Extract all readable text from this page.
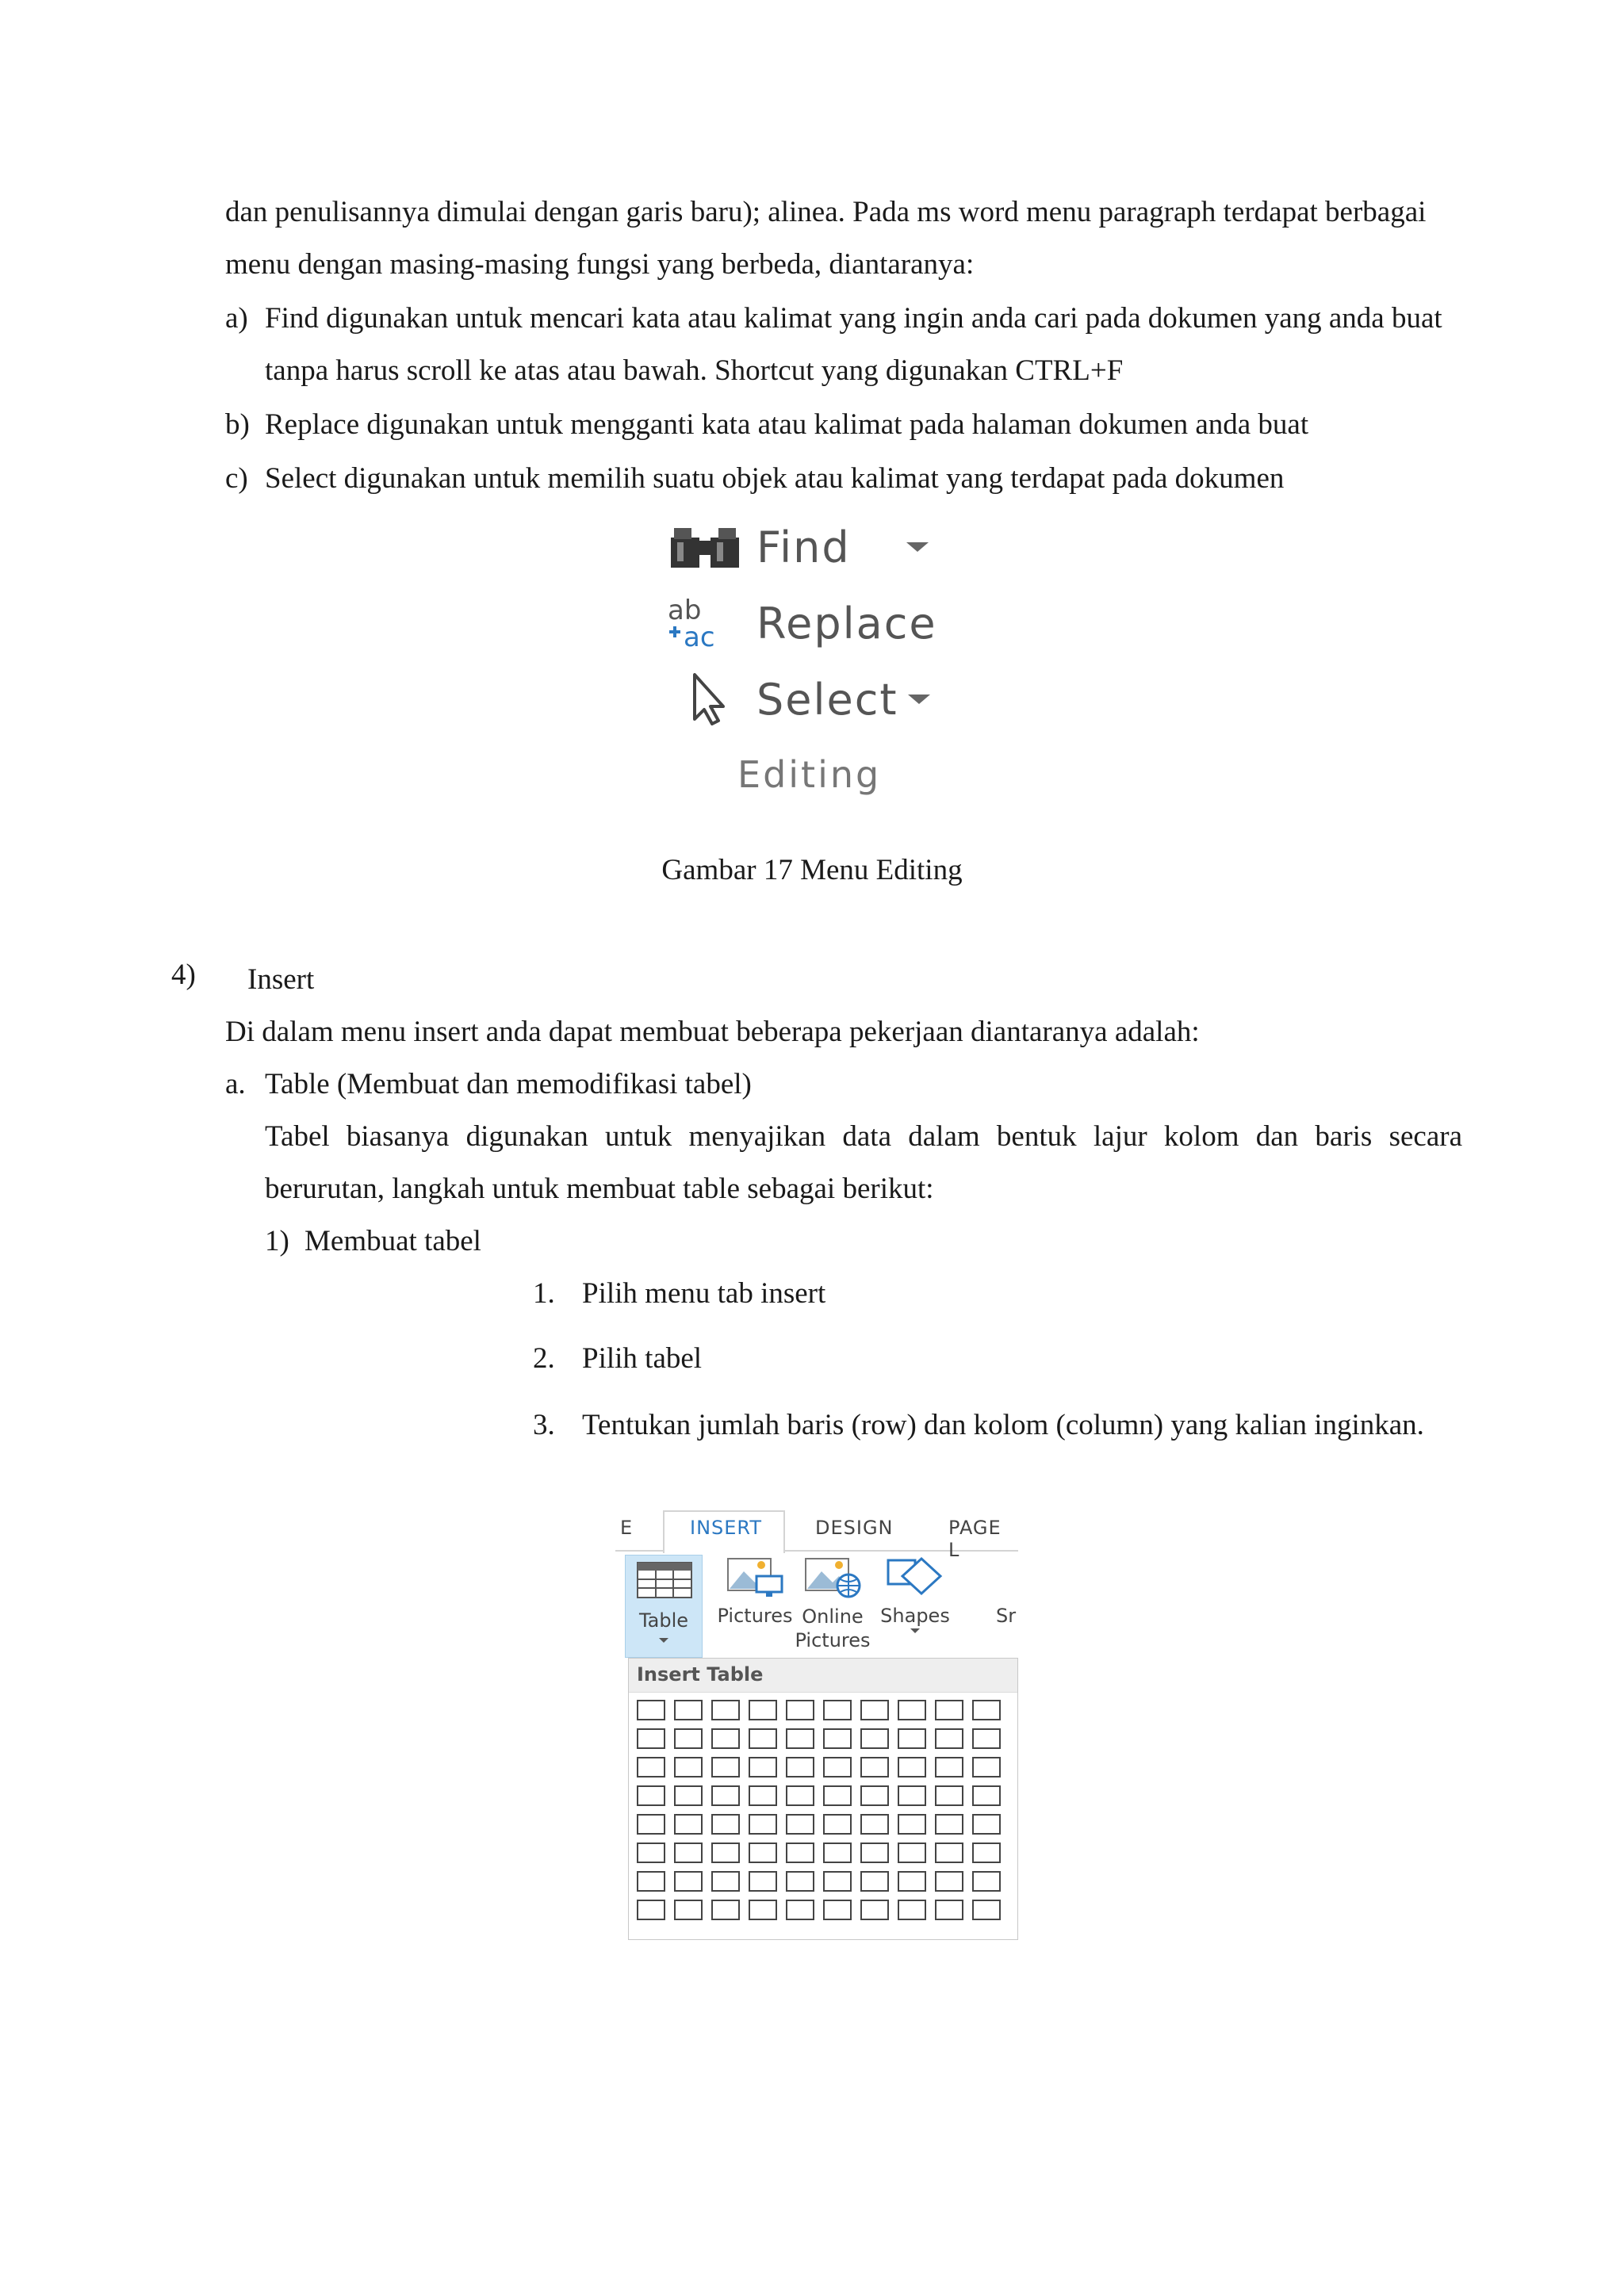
dan penulisannya dimulai dengan garis baru); alinea. Pada ms word menu paragraph terdapat berbagai
menu dengan masing-masing fungsi yang berbeda, diantaranya:
a) Find digunakan untuk mencari kata atau kalimat yang ingin anda cari pada dokumen yang anda buat
tanpa harus scroll ke atas atau bawah. Shortcut yang digunakan CTRL+F
b) Replace digunakan untuk mengganti kata atau kalimat pada halaman dokumen anda buat
c) Select digunakan untuk memilih suatu objek atau kalimat yang terdapat pada dokumen
Find
ab
ac Replace
Select
Editing
Gambar 17 Menu Editing
4) Insert
Di dalam menu insert anda dapat membuat beberapa pekerjaan diantaranya adalah:
a. Table (Membuat dan memodifikasi tabel)
Tabel biasanya digunakan untuk menyajikan data dalam bentuk lajur kolom dan baris secara
berurutan, langkah untuk membuat table sebagai berikut:
1) Membuat tabel
1. Pilih menu tab insert
2. Pilih tabel
3. Tentukan jumlah baris (row) dan kolom (column) yang kalian inginkan.
E	INSERT	DESIGN	PAGE L
Table	Pictures Online
Pictures
Shapes Sr
Insert Table
